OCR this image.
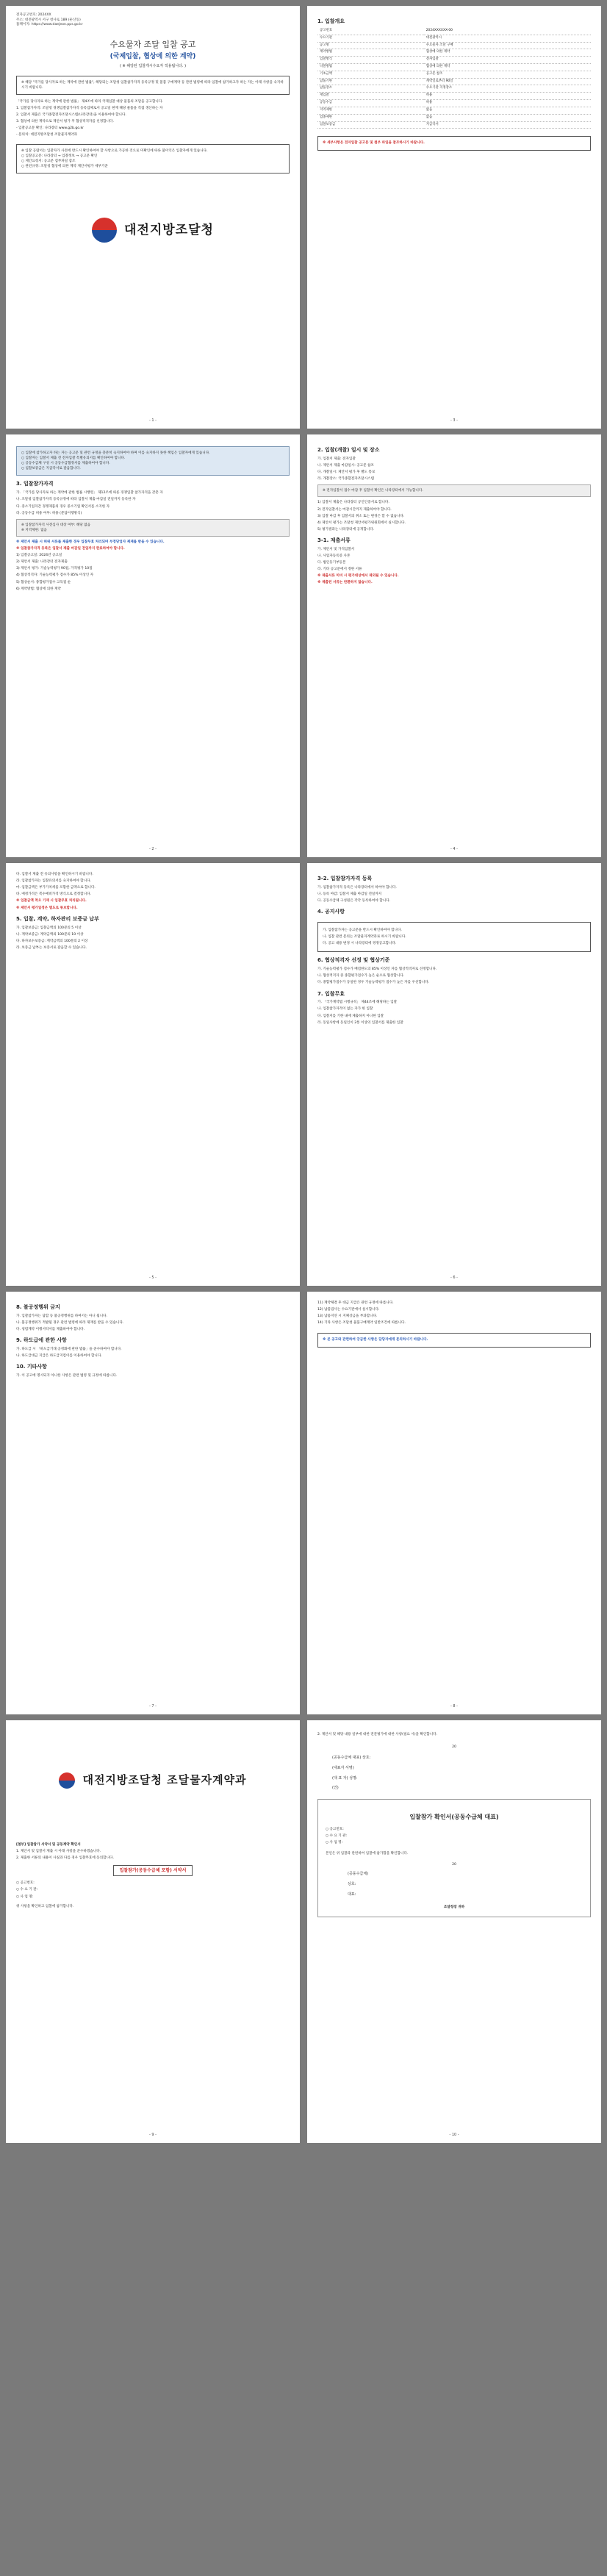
전자공고번호: 2024XX
주소: 대전광역시 서구 청사로 189 (둔산동)
홈페이지: https://www.daejeon.pps.go.kr
수요물자 조달 입찰 공고
(국제입찰, 협상에 의한 계약)
( ※ 해당된 입찰개시수요자 적용됩니다. )
※ 해당 "국가를 당사자로 하는 계약에 관한 법률", 해당되는 조달청 입찰참가자격 등록규정 및 물품 구매계약 등 관련 법령에 따라 입찰에 참가하고자 하는 자는 아래 사항을 숙지하시기 바랍니다.
「국가를 당사자로 하는 계약에 관한 법률」 제4조에 따라 국제입찰 대상 물품의 조달을 공고합니다.
1. 입찰참가자격: 조달청 경쟁입찰참가자격 등록업체로서 공고일 현재 해당 물품을 직접 생산하는 자
2. 입찰서 제출은 국가종합전자조달시스템(나라장터)을 이용하여야 합니다.
3. 협상에 의한 계약으로 제안서 평가 후 협상적격자를 선정합니다.
- 입찰공고문 확인: 나라장터 www.g2b.go.kr
- 문의처: 대전지방조달청 조달물자계약과
※ 입찰 공람서는 입찰자가 사전에 반드시 확인하여야 할 사항으로 가공한 것으로 미확인에 따른 불이익은 입찰자에게 있습니다.
○ 입찰공고문: 나라장터 → 입찰정보 → 공고문 확인
○ 제안요청서: 공고문 첨부파일 참조
○ 관련규정: 조달청 협상에 의한 계약 제안서평가 세부기준
대전지방조달청
- 1 -
1. 입찰개요
공고번호	2024XXXXXX-00
수요기관	대전광역시
공고명	수요물자 조달 구매
계약방법	협상에 의한 계약
입찰방식	전자입찰
낙찰방법	협상에 의한 계약
기초금액	공고문 참조
납품기한	계약일로부터 90일
납품장소	수요기관 지정장소
재입찰	허용
공동수급	허용
지역제한	없음
업종제한	없음
입찰보증금	지급각서
※ 세부사항은 전자입찰 공고문 및 첨부 파일을 참조하시기 바랍니다.
- 3 -
○ 입찰에 참가하고자 하는 자는 공고문 및 관련 규정을 충분히 숙지하여야 하며 이를 숙지하지 못한 책임은 입찰자에게 있습니다.
○ 입찰자는 입찰서 제출 전 전자입찰 특별유의서를 확인하여야 합니다.
○ 공동수급체 구성 시 공동수급협정서를 제출하여야 합니다.
○ 입찰보증금은 지급각서로 갈음합니다.
3. 입찰참가자격
가. 「국가를 당사자로 하는 계약에 관한 법률 시행령」 제12조에 따른 경쟁입찰 참가자격을 갖춘 자
나. 조달청 입찰참가자격 등록규정에 따라 입찰서 제출 마감일 전일까지 등록한 자
다. 중소기업자간 경쟁제품의 경우 중소기업 확인서를 소지한 자
라. 공동수급 허용 여부: 허용 (분담이행방식)
※ 입찰참가자격 사전심사 대상 여부: 해당 없음
※ 지역제한: 없음
※ 제안서 제출 시 허위 서류를 제출한 경우 입찰무효 처리되며 부정당업자 제재를 받을 수 있습니다.
※ 입찰참가자격 등록은 입찰서 제출 마감일 전일까지 완료하여야 합니다.
1) 입찰공고일: 2024년 공고일
2) 제안서 제출: 나라장터 전자제출
3) 제안서 평가: 기술능력평가 90점, 가격평가 10점
4) 협상적격자: 기술능력평가 점수가 85% 이상인 자
5) 협상순서: 종합평가점수 고득점 순
6) 계약방법: 협상에 의한 계약
- 2 -
2. 입찰(개찰) 일시 및 장소
가. 입찰서 제출: 전자입찰
나. 제안서 제출 마감일시: 공고문 참조
다. 개찰일시: 제안서 평가 후 별도 통보
라. 개찰장소: 국가종합전자조달시스템
※ 전자입찰서 접수 마감 후 입찰서 확인은 나라장터에서 가능합니다.
1) 입찰서 제출은 나라장터 공인인증서로 합니다.
2) 전자입찰서는 마감시간까지 제출하여야 합니다.
3) 입찰 마감 후 입찰서의 취소 또는 변경은 할 수 없습니다.
4) 제안서 평가는 조달청 제안서평가위원회에서 실시합니다.
5) 평가결과는 나라장터에 공개합니다.
3-1. 제출서류
가. 제안서 및 가격입찰서
나. 사업자등록증 사본
다. 법인등기부등본
라. 기타 공고문에서 정한 서류
※ 제출서류 미비 시 평가대상에서 제외될 수 있습니다.
※ 제출된 서류는 반환하지 않습니다.
- 4 -
다. 입찰서 제출 전 유의사항을 확인하시기 바랍니다.
라. 입찰참가자는 입찰유의서를 숙지하여야 합니다.
마. 입찰금액은 부가가치세를 포함한 금액으로 합니다.
바. 예정가격은 복수예비가격 방식으로 결정합니다.
※ 입찰금액 착오 기재 시 입찰무효 처리됩니다.
※ 제안서 평가일정은 별도로 통보합니다.
5. 입찰, 계약, 하자관리 보증금 납부
가. 입찰보증금: 입찰금액의 100분의 5 이상
나. 계약보증금: 계약금액의 100분의 10 이상
다. 하자보수보증금: 계약금액의 100분의 2 이상
라. 보증금 납부는 보증서로 갈음할 수 있습니다.
- 5 -
3-2. 입찰참가자격 등록
가. 입찰참가자격 등록은 나라장터에서 하여야 합니다.
나. 등록 마감: 입찰서 제출 마감일 전일까지
다. 공동수급체 구성원은 각각 등록하여야 합니다.
4. 공지사항
가. 입찰참가자는 공고문을 반드시 확인하여야 합니다.
나. 입찰 관련 문의는 조달물자계약과로 하시기 바랍니다.
다. 공고 내용 변경 시 나라장터에 정정공고합니다.
6. 협상적격자 선정 및 협상기준
가. 기술능력평가 점수가 배점한도의 85% 이상인 자를 협상적격자로 선정합니다.
나. 협상적격자 중 종합평가점수가 높은 순으로 협상합니다.
다. 종합평가점수가 동일한 경우 기술능력평가 점수가 높은 자를 우선합니다.
7. 입찰무효
가. 「국가계약법 시행규칙」 제44조에 해당하는 입찰
나. 입찰참가자격이 없는 자가 한 입찰
다. 입찰서를 기한 내에 제출하지 아니한 입찰
라. 동일사항에 동일인이 2통 이상의 입찰서를 제출한 입찰
- 6 -
8. 불공정행위 금지
가. 입찰참가자는 담합 등 불공정행위를 하여서는 아니 됩니다.
나. 불공정행위가 적발될 경우 관련 법령에 따라 제재를 받을 수 있습니다.
다. 청렴계약 이행서약서를 제출하여야 합니다.
9. 하도급에 관한 사항
가. 하도급 시 「하도급거래 공정화에 관한 법률」을 준수하여야 합니다.
나. 하도급대금 지급은 하도급지킴이를 이용하여야 합니다.
10. 기타사항
가. 이 공고에 명시되지 아니한 사항은 관련 법령 및 규정에 따릅니다.
- 7 -
11) 계약체결 후 대금 지급은 관련 규정에 따릅니다.
12) 납품검사는 수요기관에서 실시합니다.
13) 납품지연 시 지체상금을 부과합니다.
14) 기타 사항은 조달청 물품구매계약 일반조건에 따릅니다.
※ 본 공고와 관련하여 궁금한 사항은 담당자에게 문의하시기 바랍니다.
- 8 -
대전지방조달청 조달물자계약과
[첨부] 입찰참가 서약서 및 공동계약 확인서
1. 제안서 및 입찰서 제출 시 아래 사항을 준수하겠습니다.
2. 제출한 서류의 내용이 사실과 다를 경우 입찰무효에 동의합니다.
입찰참가(공동수급체 포함) 서약서
○ 공고번호:
○ 수 요 기 관:
○ 사 업 명:
위 사항을 확인하고 입찰에 참가합니다.
- 9 -
2. 제안서 및 해당 내용 일부에 대한 전문평가에 대한 사항(필요 시)을 확인합니다.
20
(공동수급체 대표) 상호:
(대표자 서명)
(대 표 자) 성명:
(인)
입찰참가 확인서(공동수급체 대표)
○ 공고번호:
○ 수 요 기 관:
○ 사 업 명:
본인은 위 입찰과 관련하여 입찰에 참가함을 확인합니다.
20
(공동수급체)
상호:
대표:
조달청장 귀하
- 10 -
